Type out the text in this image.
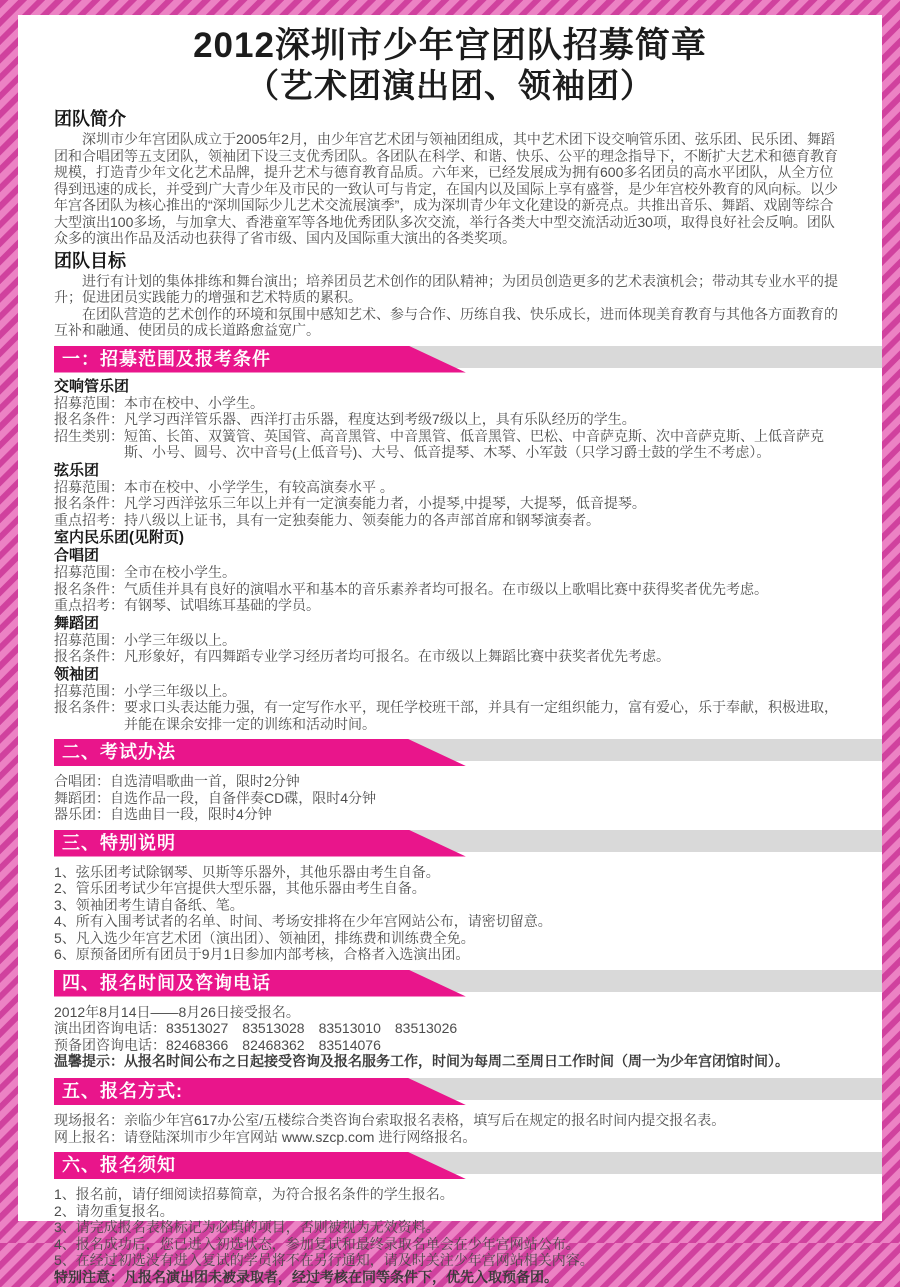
2012深圳市少年宫团队招募简章
（艺术团演出团、领袖团）
团队简介

深圳市少年宫团队成立于2005年2月，由少年宫艺术团与领袖团组成，其中艺术团下设交响管乐团、弦乐团、民乐团、舞蹈团和合唱团等五支团队，领袖团下设三支优秀团队。各团队在科学、和谐、快乐、公平的理念指导下，不断扩大艺术和德育教育规模，打造青少年文化艺术品牌，提升艺术与德育教育品质。六年来，已经发展成为拥有600多名团员的高水平团队，从全方位得到迅速的成长，并受到广大青少年及市民的一致认可与肯定，在国内以及国际上享有盛誉，是少年宫校外教育的风向标。以少年宫各团队为核心推出的“深圳国际少儿艺术交流展演季”，成为深圳青少年文化建设的新亮点。共推出音乐、舞蹈、戏剧等综合大型演出100多场，与加拿大、香港童军等各地优秀团队多次交流，举行各类大中型交流活动近30项，取得良好社会反响。团队众多的演出作品及活动也获得了省市级、国内及国际重大演出的各类奖项。

团队目标

进行有计划的集体排练和舞台演出；培养团员艺术创作的团队精神；为团员创造更多的艺术表演机会；带动其专业水平的提升；促进团员实践能力的增强和艺术特质的累积。

在团队营造的艺术创作的环境和氛围中感知艺术、参与合作、历练自我、快乐成长，进而体现美育教育与其他各方面教育的互补和融通、使团员的成长道路愈益宽广。

一：招募范围及报考条件
交响管乐团
招募范围： 本市在校中、小学生。
报名条件： 凡学习西洋管乐器、西洋打击乐器，程度达到考级7级以上，具有乐队经历的学生。
招生类别： 短笛、长笛、双簧管、英国管、高音黑管、中音黑管、低音黑管、巴松、中音萨克斯、次中音萨克斯、上低音萨克斯、小号、圆号、次中音号(上低音号)、大号、低音提琴、木琴、小军鼓（只学习爵士鼓的学生不考虑）。
弦乐团
招募范围： 本市在校中、小学学生，有较高演奏水平 。
报名条件： 凡学习西洋弦乐三年以上并有一定演奏能力者，小提琴,中提琴，大提琴，低音提琴。
重点招考： 持八级以上证书，具有一定独奏能力、领奏能力的各声部首席和钢琴演奏者。
室内民乐团(见附页)
合唱团
招募范围： 全市在校小学生。
报名条件： 气质佳并具有良好的演唱水平和基本的音乐素养者均可报名。在市级以上歌唱比赛中获得奖者优先考虑。
重点招考： 有钢琴、试唱练耳基础的学员。
舞蹈团
招募范围： 小学三年级以上。
报名条件： 凡形象好，有四舞蹈专业学习经历者均可报名。在市级以上舞蹈比赛中获奖者优先考虑。
领袖团
招募范围： 小学三年级以上。
报名条件： 要求口头表达能力强，有一定写作水平，现任学校班干部，并具有一定组织能力，富有爱心，乐于奉献，积极进取，并能在课余安排一定的训练和活动时间。
二、考试办法

合唱团：自选清唱歌曲一首，限时2分钟

舞蹈团：自选作品一段，自备伴奏CD碟，限时4分钟

器乐团：自选曲目一段，限时4分钟

三、特别说明

1、弦乐团考试除钢琴、贝斯等乐器外，其他乐器由考生自备。

2、管乐团考试少年宫提供大型乐器，其他乐器由考生自备。

3、领袖团考生请自备纸、笔。

4、所有入围考试者的名单、时间、考场安排将在少年宫网站公布，请密切留意。

5、凡入选少年宫艺术团（演出团）、领袖团，排练费和训练费全免。

6、原预备团所有团员于9月1日参加内部考核，合格者入选演出团。

四、报名时间及咨询电话

2012年8月14日——8月26日接受报名。

演出团咨询电话：83513027　83513028　83513010　83513026

预备团咨询电话：82468366　82468362　83514076

温馨提示：从报名时间公布之日起接受咨询及报名服务工作，时间为每周二至周日工作时间（周一为少年宫闭馆时间）。

五、报名方式:
现场报名： 亲临少年宫617办公室/五楼综合类咨询台索取报名表格，填写后在规定的报名时间内提交报名表。
网上报名： 请登陆深圳市少年宫网站 www.szcp.com 进行网络报名。
六、报名须知

1、报名前，请仔细阅读招募简章，为符合报名条件的学生报名。

2、请勿重复报名。

3、请完成报名表格标记为必填的项目，否则被视为无效资料。

4、报名成功后，您已进入初选状态，参加复试和最终录取名单会在少年宫网站公布。

5、在经过初选没有进入复试的学员将不在另行通知，请及时关注少年宫网站相关内容。

特别注意：凡报名演出团未被录取者，经过考核在同等条件下，优先入取预备团。
